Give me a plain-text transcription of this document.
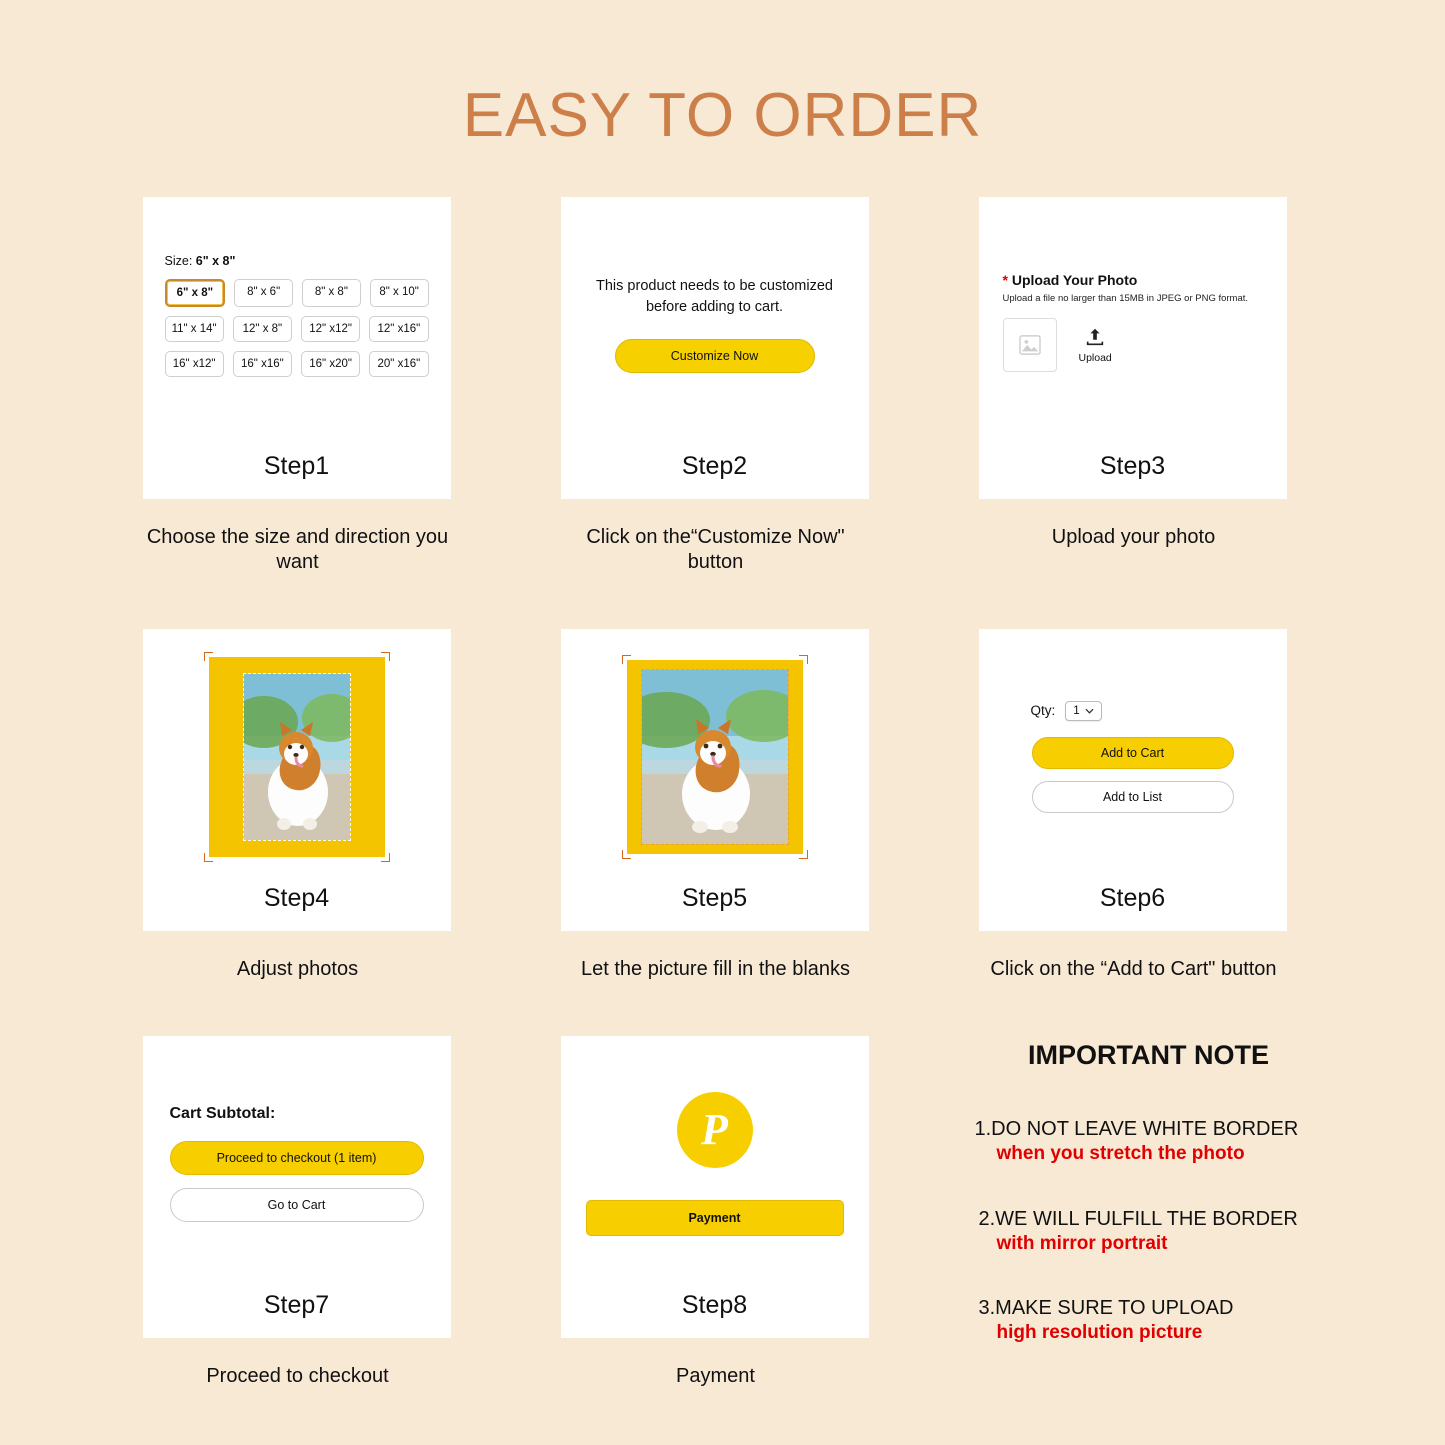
EASY TO ORDER
Size: 6" x 8"
6" x 8"	8" x 6"	8" x 8"	8" x 10"
11" x 14"	12" x 8"	12" x12"	12" x16"
16" x12"	16" x16"	16" x20"	20" x16"
Step1
Choose the size and direction you want
This product needs to be customized before adding to cart.
Customize Now
Step2
Click on the“Customize Now" button
* Upload Your Photo
Upload a file no larger than 15MB in JPEG or PNG format.
Upload
Step3
Upload your photo
Step4
Adjust photos
Step5
Let the picture fill in the blanks
Qty: 1
Add to Cart
Add to List
Step6
Click on the “Add to Cart" button
Cart Subtotal:
Proceed to checkout (1 item)
Go to Cart
Step7
Proceed to checkout
P
Payment
Step8
Payment
IMPORTANT NOTE
1.DO NOT LEAVE WHITE BORDER
when you stretch the photo
2.WE WILL FULFILL THE BORDER
with mirror portrait
3.MAKE SURE TO UPLOAD
high resolution picture
